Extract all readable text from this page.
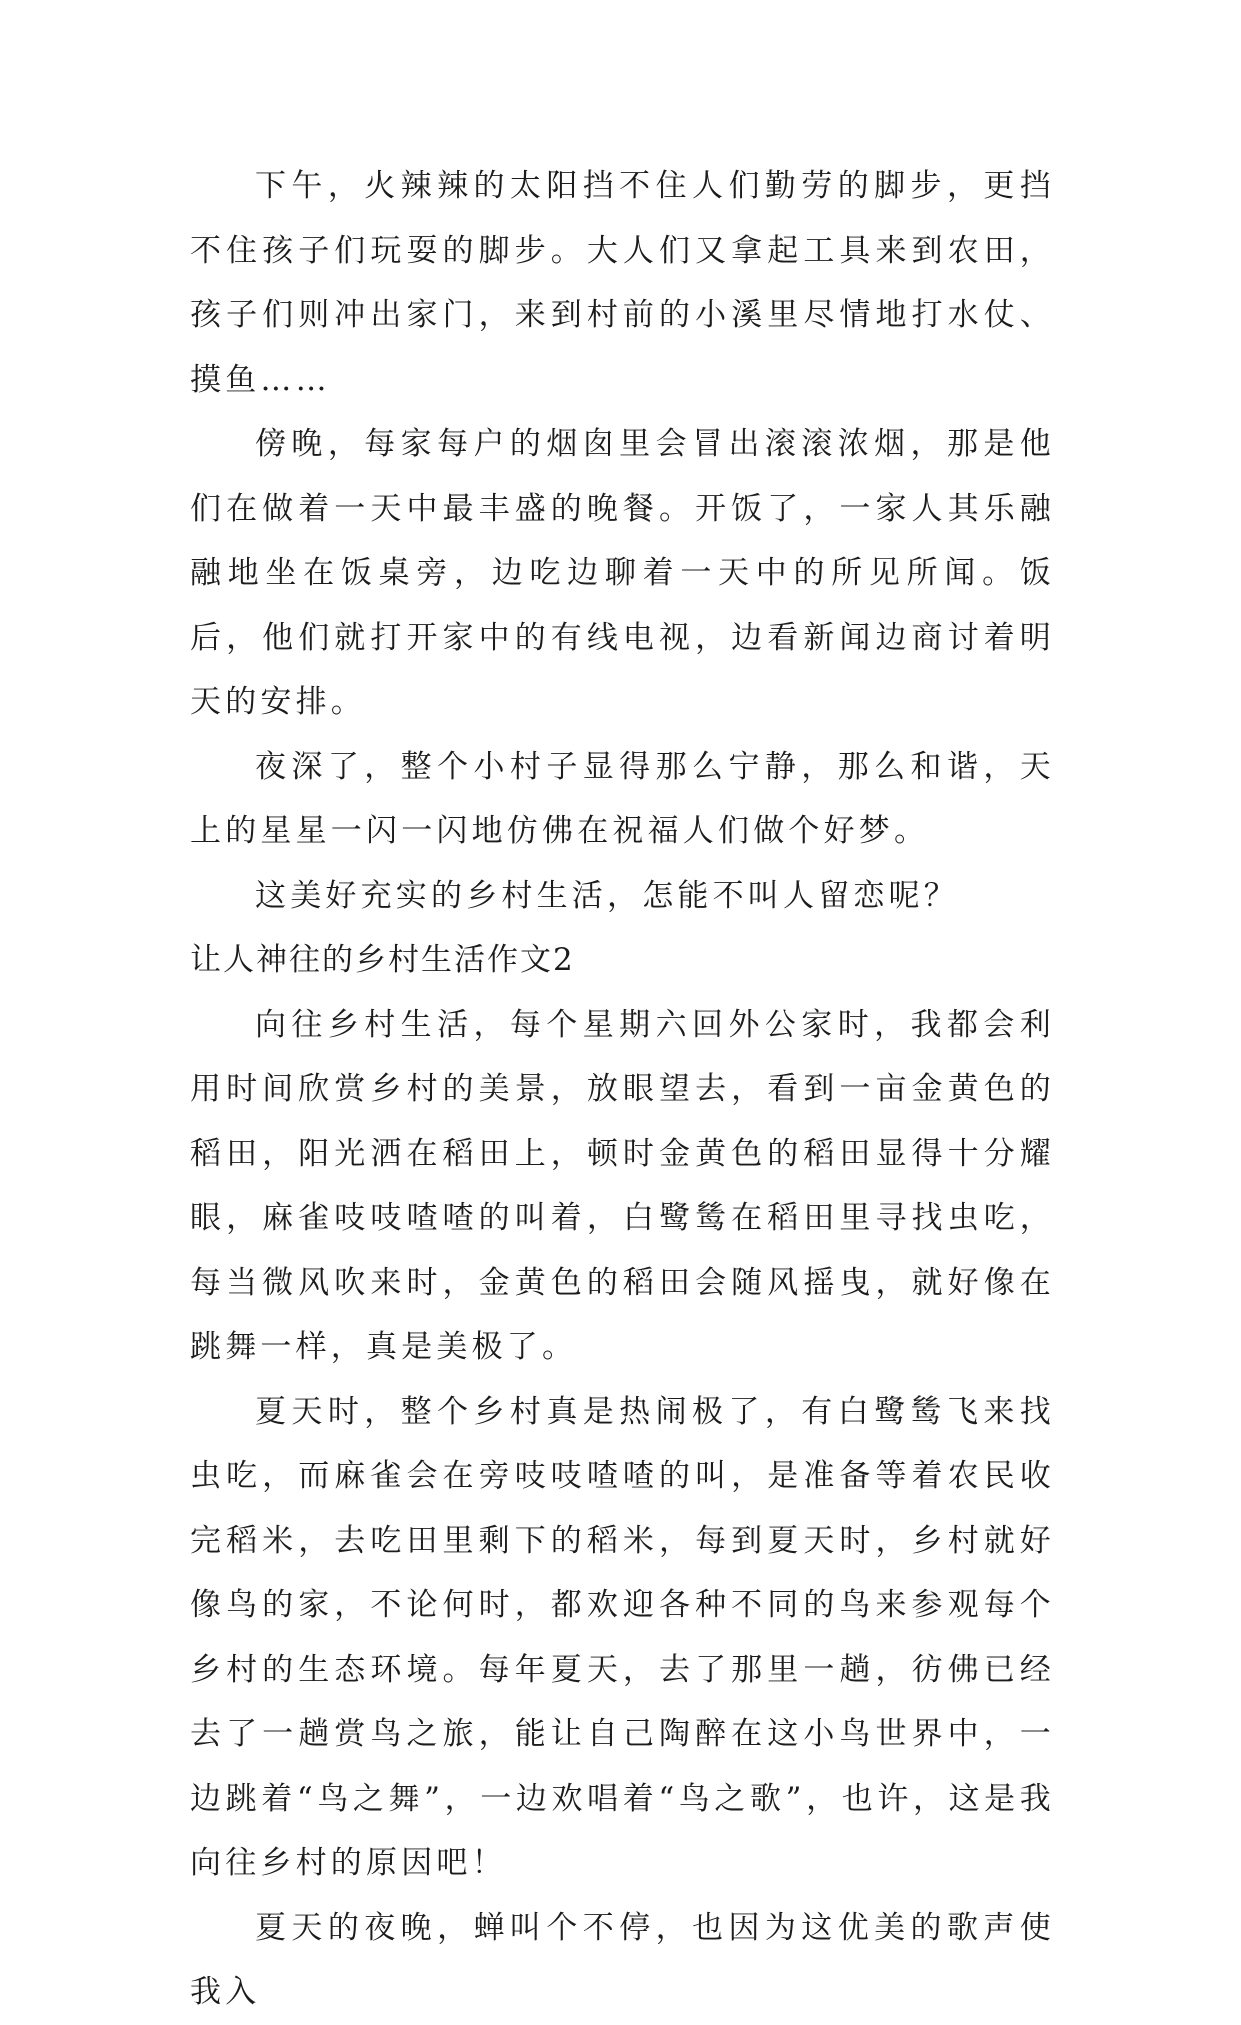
下午，火辣辣的太阳挡不住人们勤劳的脚步，更挡不住孩子们玩耍的脚步。大人们又拿起工具来到农田，孩子们则冲出家门，来到村前的小溪里尽情地打水仗、摸鱼……

傍晚，每家每户的烟囱里会冒出滚滚浓烟，那是他们在做着一天中最丰盛的晚餐。开饭了，一家人其乐融融地坐在饭桌旁，边吃边聊着一天中的所见所闻。饭后，他们就打开家中的有线电视，边看新闻边商讨着明天的安排。

夜深了，整个小村子显得那么宁静，那么和谐，天上的星星一闪一闪地仿佛在祝福人们做个好梦。

这美好充实的乡村生活，怎能不叫人留恋呢？

让人神往的乡村生活作文2

向往乡村生活，每个星期六回外公家时，我都会利用时间欣赏乡村的美景，放眼望去，看到一亩金黄色的稻田，阳光洒在稻田上，顿时金黄色的稻田显得十分耀眼，麻雀吱吱喳喳的叫着，白鹭鸶在稻田里寻找虫吃，每当微风吹来时，金黄色的稻田会随风摇曳，就好像在跳舞一样，真是美极了。

夏天时，整个乡村真是热闹极了，有白鹭鸶飞来找虫吃，而麻雀会在旁吱吱喳喳的叫，是准备等着农民收完稻米，去吃田里剩下的稻米，每到夏天时，乡村就好像鸟的家，不论何时，都欢迎各种不同的鸟来参观每个乡村的生态环境。每年夏天，去了那里一趟，彷佛已经去了一趟赏鸟之旅，能让自己陶醉在这小鸟世界中，一边跳着“鸟之舞”，一边欢唱着“鸟之歌”，也许，这是我向往乡村的原因吧！

夏天的夜晚，蝉叫个不停，也因为这优美的歌声使我入
